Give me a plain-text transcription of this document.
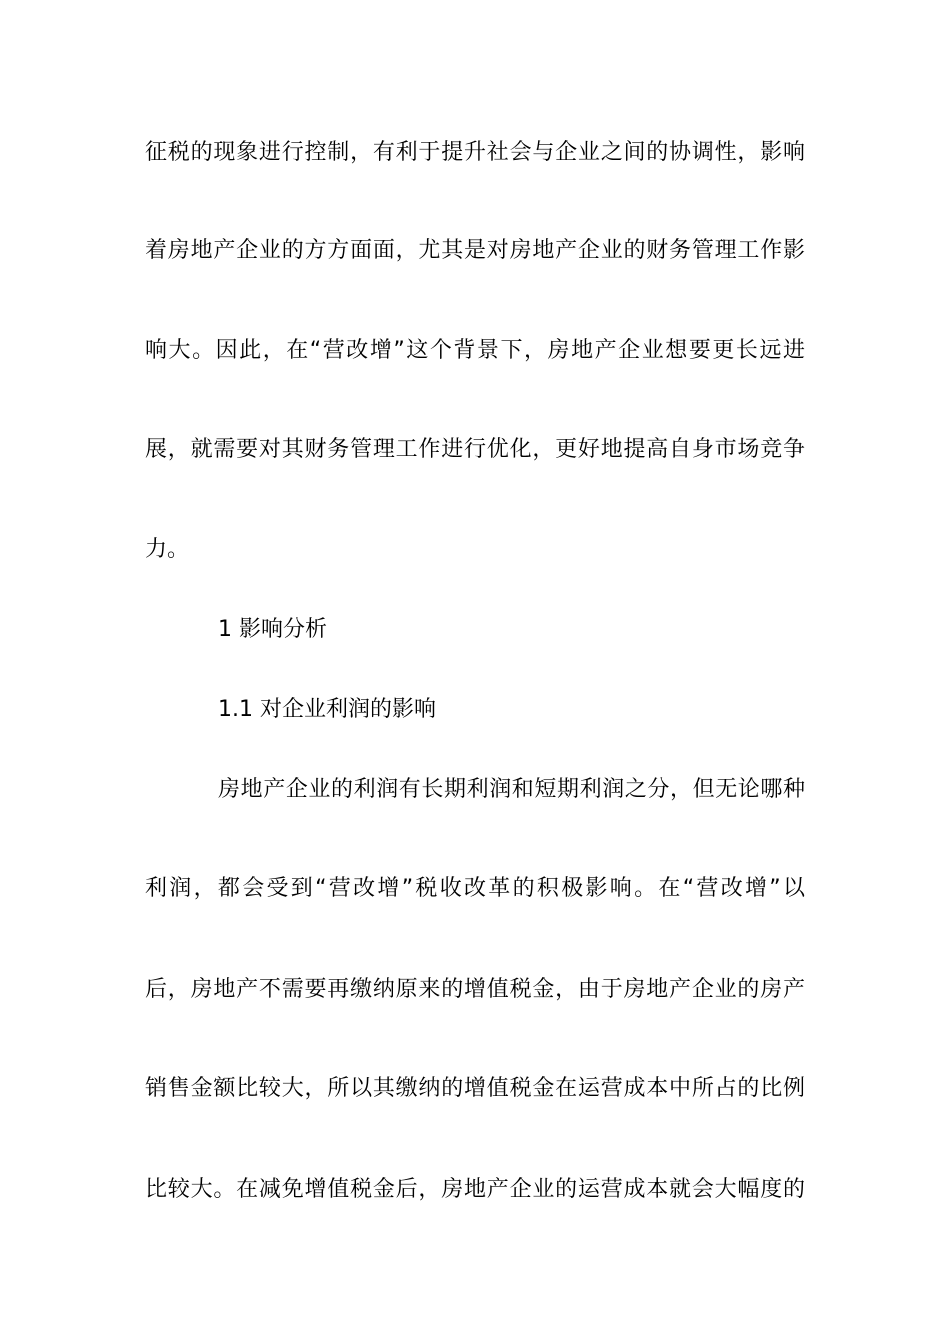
征税的现象进行控制，有利于提升社会与企业之间的协调性，影响
着房地产企业的方方面面，尤其是对房地产企业的财务管理工作影
响大。因此，在“营改增”这个背景下，房地产企业想要更长远进
展，就需要对其财务管理工作进行优化，更好地提高自身市场竞争
力。
1 影响分析
1.1 对企业利润的影响
房地产企业的利润有长期利润和短期利润之分，但无论哪种
利润，都会受到“营改增”税收改革的积极影响。在“营改增”以
后，房地产不需要再缴纳原来的增值税金，由于房地产企业的房产
销售金额比较大，所以其缴纳的增值税金在运营成本中所占的比例
比较大。在减免增值税金后，房地产企业的运营成本就会大幅度的
